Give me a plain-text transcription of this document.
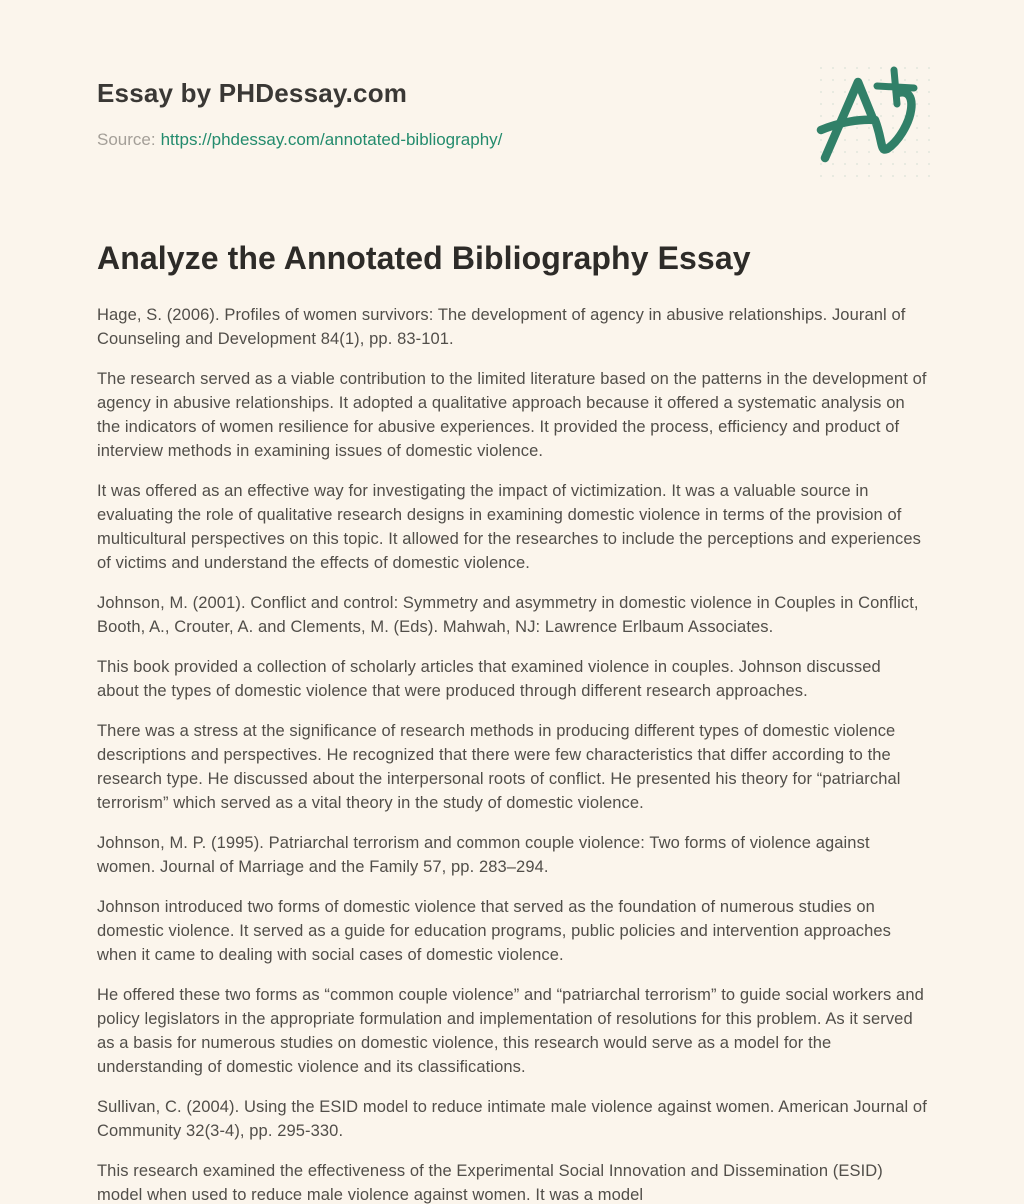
Essay by PHDessay.com

Source: https://phdessay.com/annotated-bibliography/

Analyze the Annotated Bibliography Essay

Hage, S. (2006). Profiles of women survivors: The development of agency in abusive relationships. Jouranl of Counseling and Development 84(1), pp. 83-101.

The research served as a viable contribution to the limited literature based on the patterns in the development of agency in abusive relationships. It adopted a qualitative approach because it offered a systematic analysis on the indicators of women resilience for abusive experiences. It provided the process, efficiency and product of interview methods in examining issues of domestic violence.

It was offered as an effective way for investigating the impact of victimization. It was a valuable source in evaluating the role of qualitative research designs in examining domestic violence in terms of the provision of multicultural perspectives on this topic. It allowed for the researches to include the perceptions and experiences of victims and understand the effects of domestic violence.

Johnson, M. (2001). Conflict and control: Symmetry and asymmetry in domestic violence in Couples in Conflict, Booth, A., Crouter, A. and Clements, M. (Eds). Mahwah, NJ: Lawrence Erlbaum Associates.

This book provided a collection of scholarly articles that examined violence in couples. Johnson discussed about the types of domestic violence that were produced through different research approaches.

There was a stress at the significance of research methods in producing different types of domestic violence descriptions and perspectives. He recognized that there were few characteristics that differ according to the research type. He discussed about the interpersonal roots of conflict. He presented his theory for “patriarchal terrorism” which served as a vital theory in the study of domestic violence.

Johnson, M. P. (1995). Patriarchal terrorism and common couple violence: Two forms of violence against women. Journal of Marriage and the Family 57, pp. 283–294.

Johnson introduced two forms of domestic violence that served as the foundation of numerous studies on domestic violence. It served as a guide for education programs, public policies and intervention approaches when it came to dealing with social cases of domestic violence.

He offered these two forms as “common couple violence” and “patriarchal terrorism” to guide social workers and policy legislators in the appropriate formulation and implementation of resolutions for this problem. As it served as a basis for numerous studies on domestic violence, this research would serve as a model for the understanding of domestic violence and its classifications.

Sullivan, C. (2004). Using the ESID model to reduce intimate male violence against women. American Journal of Community 32(3-4), pp. 295-330.

This research examined the effectiveness of the Experimental Social Innovation and Dissemination (ESID) model when used to reduce male violence against women. It was a model
